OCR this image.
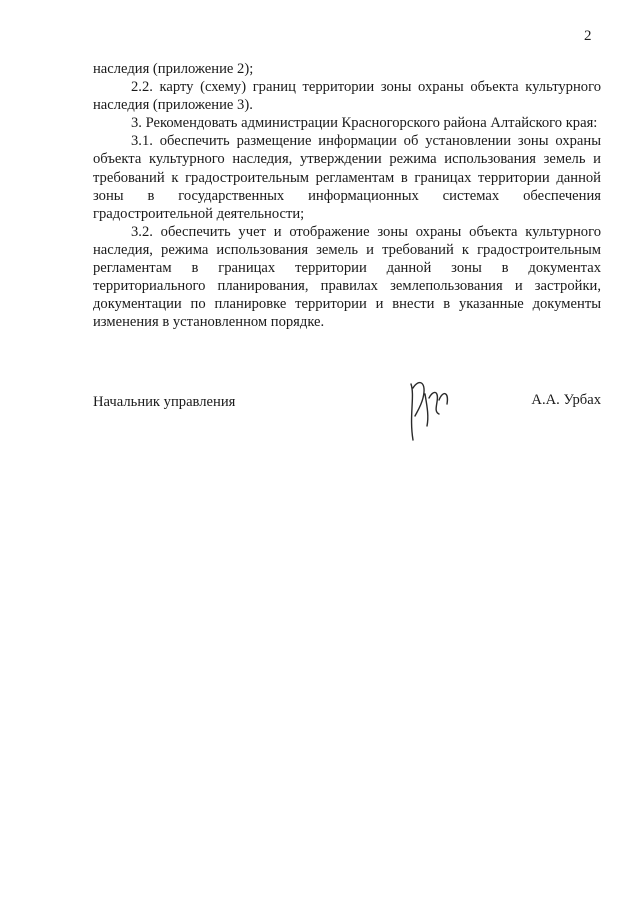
2

наследия (приложение 2);

2.2. карту (схему) границ территории зоны охраны объекта культурного наследия (приложение 3).

3. Рекомендовать администрации Красногорского района Алтайского края:

3.1. обеспечить размещение информации об установлении зоны охраны объекта культурного наследия, утверждении режима использования земель и требований к градостроительным регламентам в границах территории данной зоны в государственных информационных системах обеспечения градостроительной деятельности;

3.2. обеспечить учет и отображение зоны охраны объекта культурного наследия, режима использования земель и требований к градостроительным регламентам в границах территории данной зоны в документах территориального планирования, правилах землепользования и застройки, документации по планировке территории и внести в указанные документы изменения в установленном порядке.

Начальник управления	А.А. Урбах
